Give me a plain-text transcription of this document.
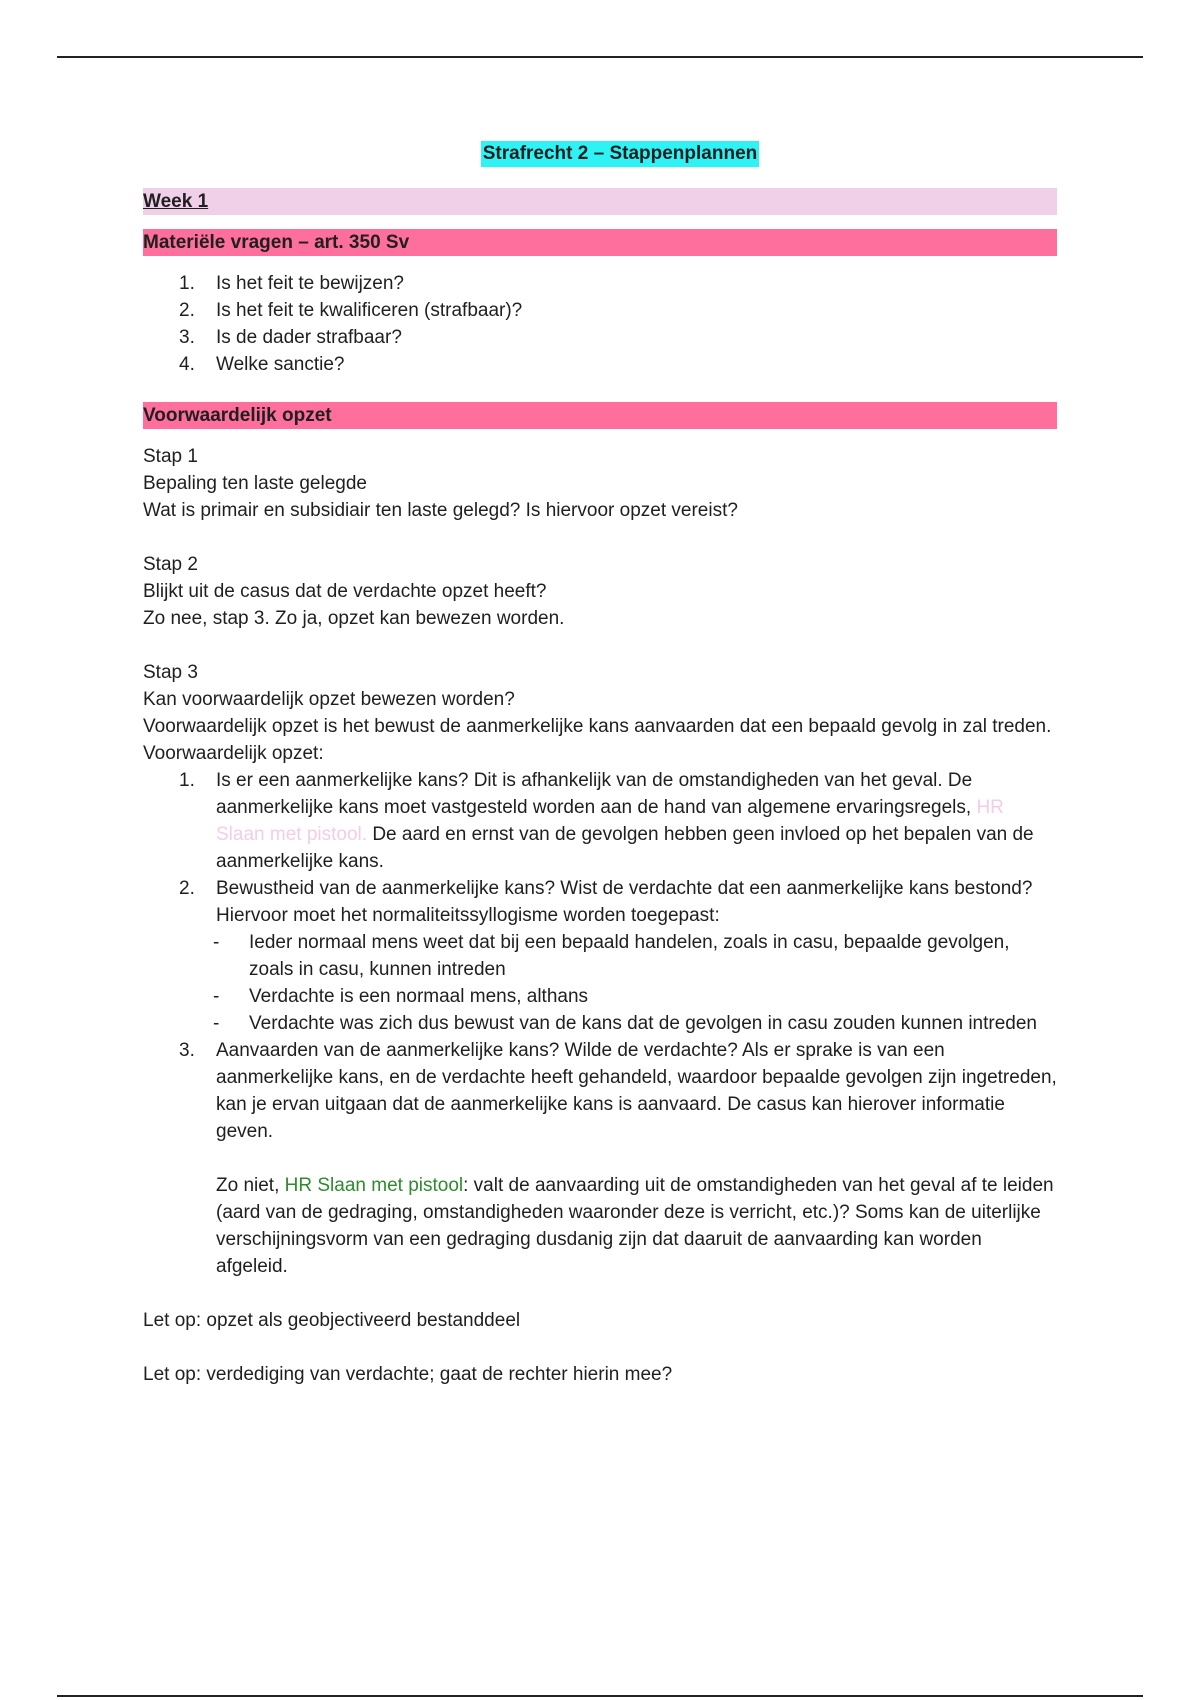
Strafrecht 2 – Stappenplannen
Week 1
Materiële vragen – art. 350 Sv
1. Is het feit te bewijzen?
2. Is het feit te kwalificeren (strafbaar)?
3. Is de dader strafbaar?
4. Welke sanctie?
Voorwaardelijk opzet

Stap 1

Bepaling ten laste gelegde

Wat is primair en subsidiair ten laste gelegd? Is hiervoor opzet vereist?

Stap 2

Blijkt uit de casus dat de verdachte opzet heeft?

Zo nee, stap 3. Zo ja, opzet kan bewezen worden.

Stap 3

Kan voorwaardelijk opzet bewezen worden?

Voorwaardelijk opzet is het bewust de aanmerkelijke kans aanvaarden dat een bepaald gevolg in zal treden. Voorwaardelijk opzet:

1. Is er een aanmerkelijke kans? Dit is afhankelijk van de omstandigheden van het geval. De aanmerkelijke kans moet vastgesteld worden aan de hand van algemene ervaringsregels, HR Slaan met pistool. De aard en ernst van de gevolgen hebben geen invloed op het bepalen van de aanmerkelijke kans.
2. Bewustheid van de aanmerkelijke kans? Wist de verdachte dat een aanmerkelijke kans bestond? Hiervoor moet het normaliteitssyllogisme worden toegepast:
- Ieder normaal mens weet dat bij een bepaald handelen, zoals in casu, bepaalde gevolgen, zoals in casu, kunnen intreden
- Verdachte is een normaal mens, althans
- Verdachte was zich dus bewust van de kans dat de gevolgen in casu zouden kunnen intreden
3. Aanvaarden van de aanmerkelijke kans? Wilde de verdachte? Als er sprake is van een aanmerkelijke kans, en de verdachte heeft gehandeld, waardoor bepaalde gevolgen zijn ingetreden, kan je ervan uitgaan dat de aanmerkelijke kans is aanvaard. De casus kan hierover informatie geven.
Zo niet, HR Slaan met pistool: valt de aanvaarding uit de omstandigheden van het geval af te leiden (aard van de gedraging, omstandigheden waaronder deze is verricht, etc.)? Soms kan de uiterlijke verschijningsvorm van een gedraging dusdanig zijn dat daaruit de aanvaarding kan worden afgeleid.

Let op: opzet als geobjectiveerd bestanddeel

Let op: verdediging van verdachte; gaat de rechter hierin mee?
